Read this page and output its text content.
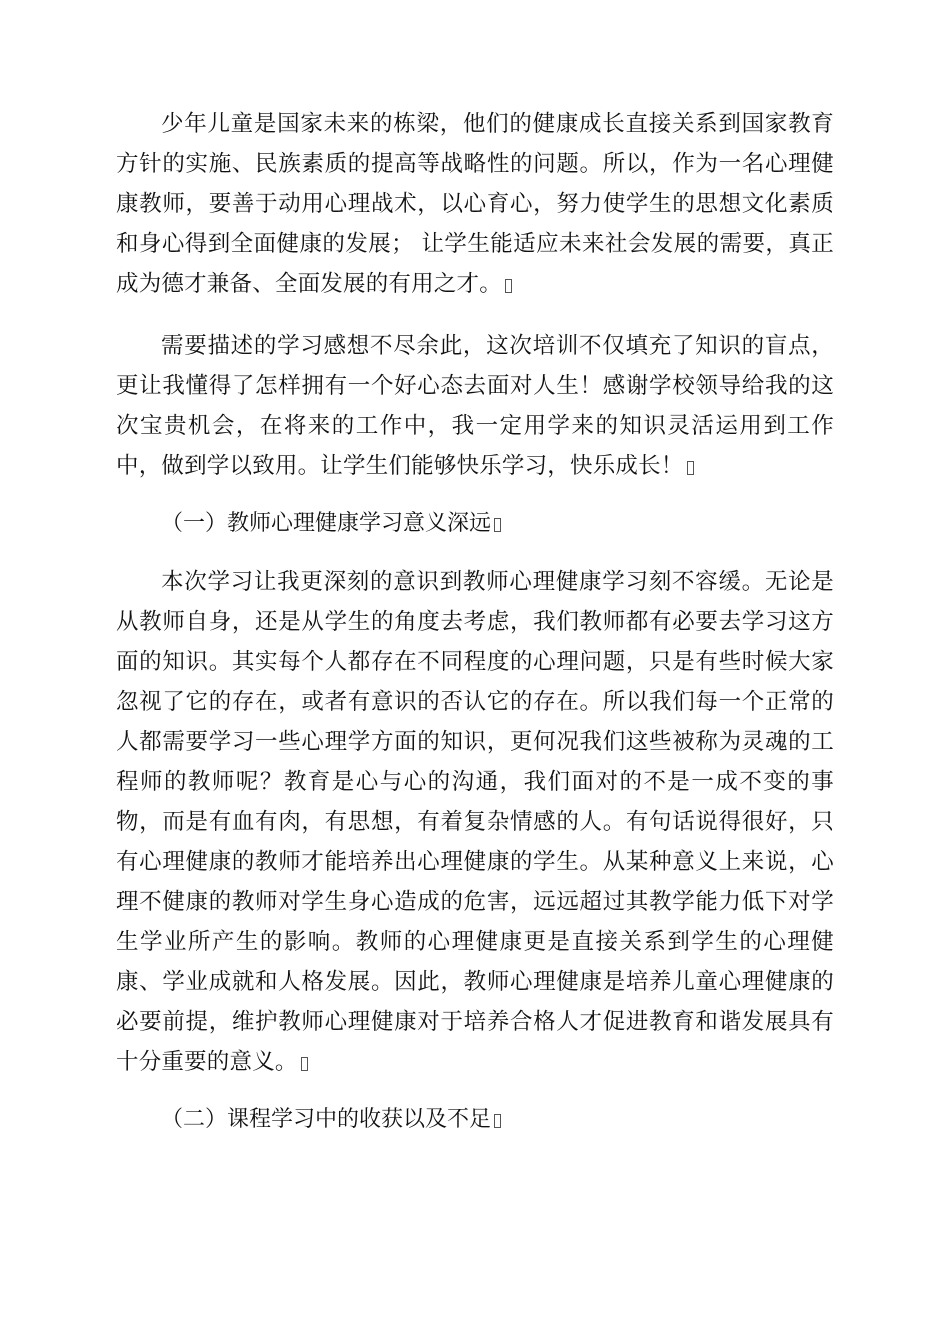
少年儿童是国家未来的栋梁，他们的健康成长直接关系到国家教育方针的实施、民族素质的提高等战略性的问题。所以，作为一名心理健康教师，要善于动用心理战术，以心育心，努力使学生的思想文化素质和身心得到全面健康的发展； 让学生能适应未来社会发展的需要，真正成为德才兼备、全面发展的有用之才。

需要描述的学习感想不尽余此，这次培训不仅填充了知识的盲点，更让我懂得了怎样拥有一个好心态去面对人生！感谢学校领导给我的这次宝贵机会，在将来的工作中，我一定用学来的知识灵活运用到工作中，做到学以致用。让学生们能够快乐学习，快乐成长！

（一）教师心理健康学习意义深远

本次学习让我更深刻的意识到教师心理健康学习刻不容缓。无论是从教师自身，还是从学生的角度去考虑，我们教师都有必要去学习这方面的知识。其实每个人都存在不同程度的心理问题，只是有些时候大家忽视了它的存在，或者有意识的否认它的存在。所以我们每一个正常的人都需要学习一些心理学方面的知识，更何况我们这些被称为灵魂的工程师的教师呢？教育是心与心的沟通，我们面对的不是一成不变的事物，而是有血有肉，有思想，有着复杂情感的人。有句话说得很好，只有心理健康的教师才能培养出心理健康的学生。从某种意义上来说，心理不健康的教师对学生身心造成的危害，远远超过其教学能力低下对学生学业所产生的影响。教师的心理健康更是直接关系到学生的心理健康、学业成就和人格发展。因此，教师心理健康是培养儿童心理健康的必要前提，维护教师心理健康对于培养合格人才促进教育和谐发展具有十分重要的意义。

（二）课程学习中的收获以及不足
